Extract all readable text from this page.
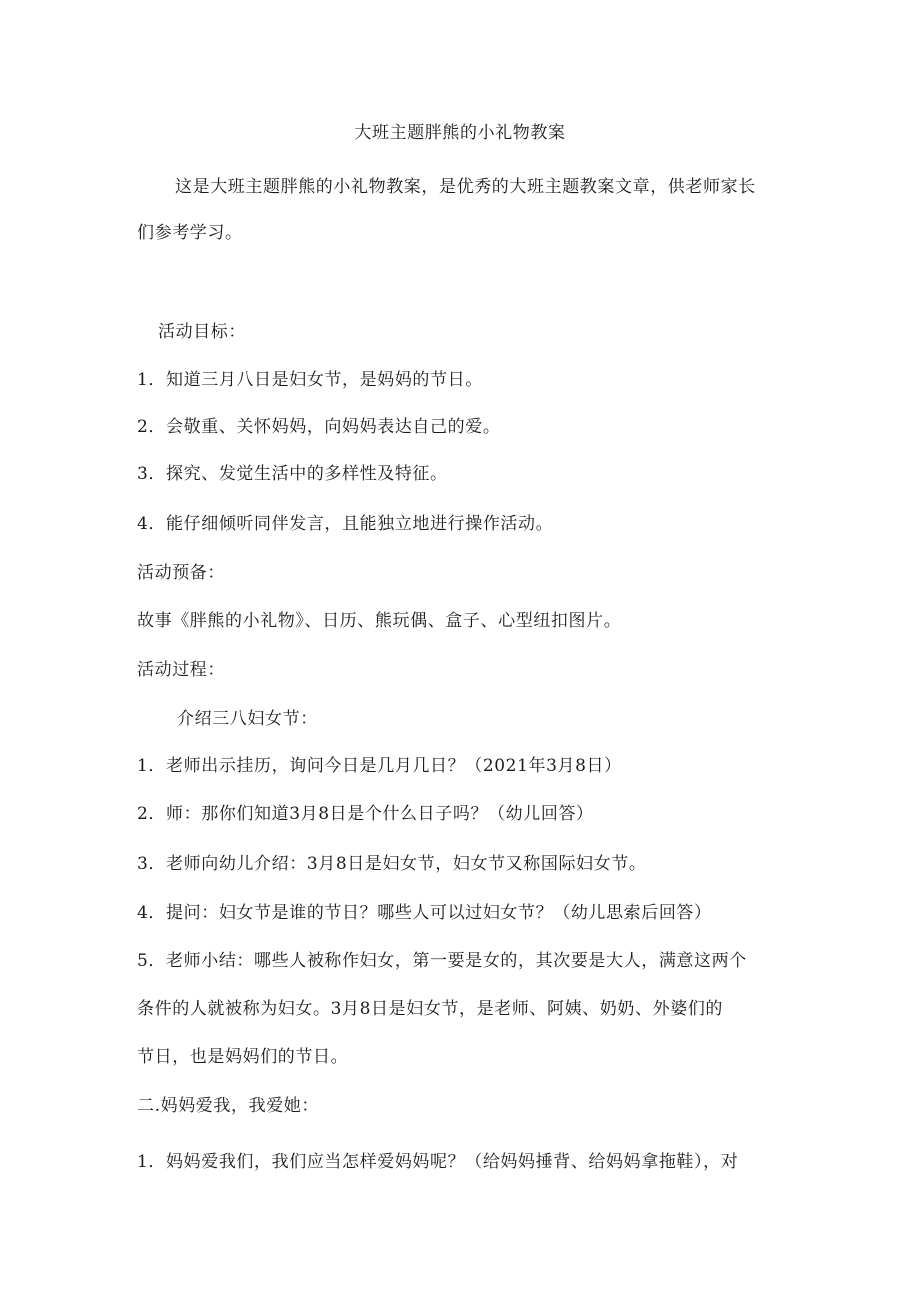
大班主题胖熊的小礼物教案
这是大班主题胖熊的小礼物教案，是优秀的大班主题教案文章，供老师家长
们参考学习。
活动目标：
1．知道三月八日是妇女节，是妈妈的节日。
2．会敬重、关怀妈妈，向妈妈表达自己的爱。
3．探究、发觉生活中的多样性及特征。
4．能仔细倾听同伴发言，且能独立地进行操作活动。
活动预备：
故事《胖熊的小礼物》、日历、熊玩偶、盒子、心型纽扣图片。
活动过程：
介绍三八妇女节：
1．老师出示挂历，询问今日是几月几日？（2021年3月8日）
2．师：那你们知道3月8日是个什么日子吗？（幼儿回答）
3．老师向幼儿介绍：3月8日是妇女节，妇女节又称国际妇女节。
4．提问：妇女节是谁的节日？哪些人可以过妇女节？（幼儿思索后回答）
5．老师小结：哪些人被称作妇女，第一要是女的，其次要是大人，满意这两个
条件的人就被称为妇女。3月8日是妇女节，是老师、阿姨、奶奶、外婆们的
节日，也是妈妈们的节日。
二.妈妈爱我，我爱她：
1．妈妈爱我们，我们应当怎样爱妈妈呢？（给妈妈捶背、给妈妈拿拖鞋），对
